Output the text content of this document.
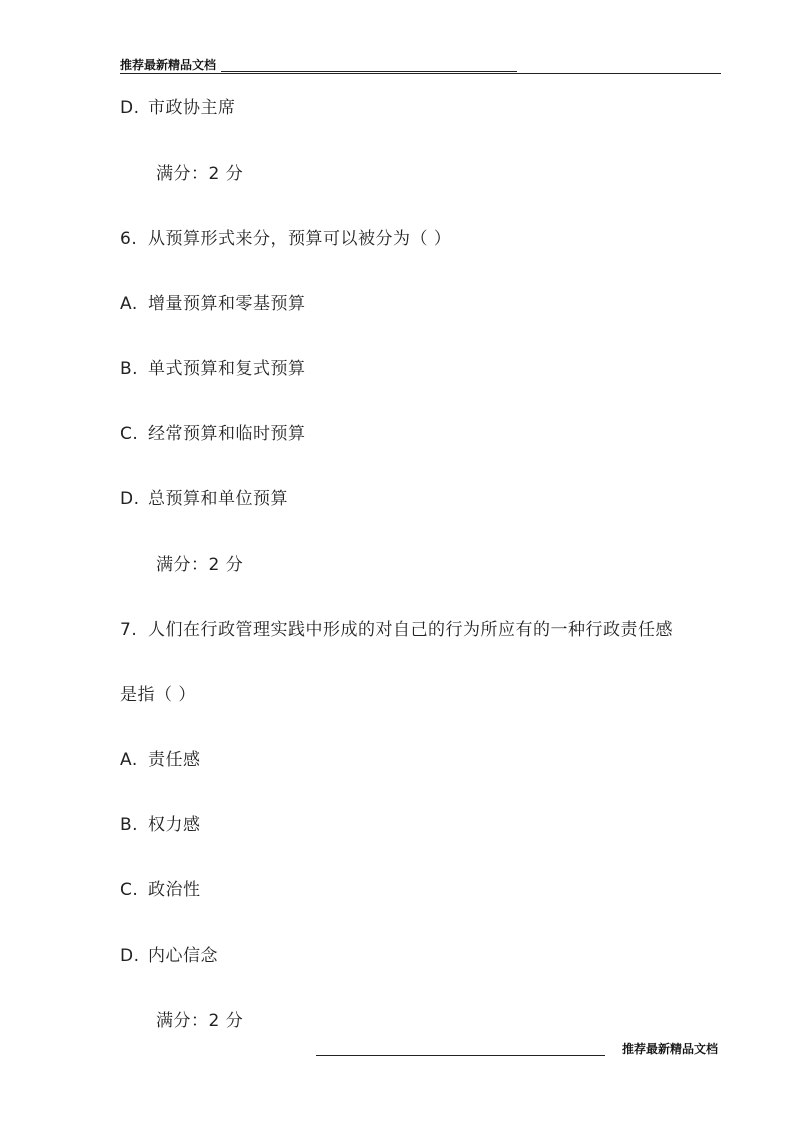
推荐最新精品文档
D. 市政协主席
满分：2 分
6. 从预算形式来分，预算可以被分为（ ）
A. 增量预算和零基预算
B. 单式预算和复式预算
C. 经常预算和临时预算
D. 总预算和单位预算
满分：2 分
7. 人们在行政管理实践中形成的对自己的行为所应有的一种行政责任感
是指（ ）
A. 责任感
B. 权力感
C. 政治性
D. 内心信念
满分：2 分
推荐最新精品文档
